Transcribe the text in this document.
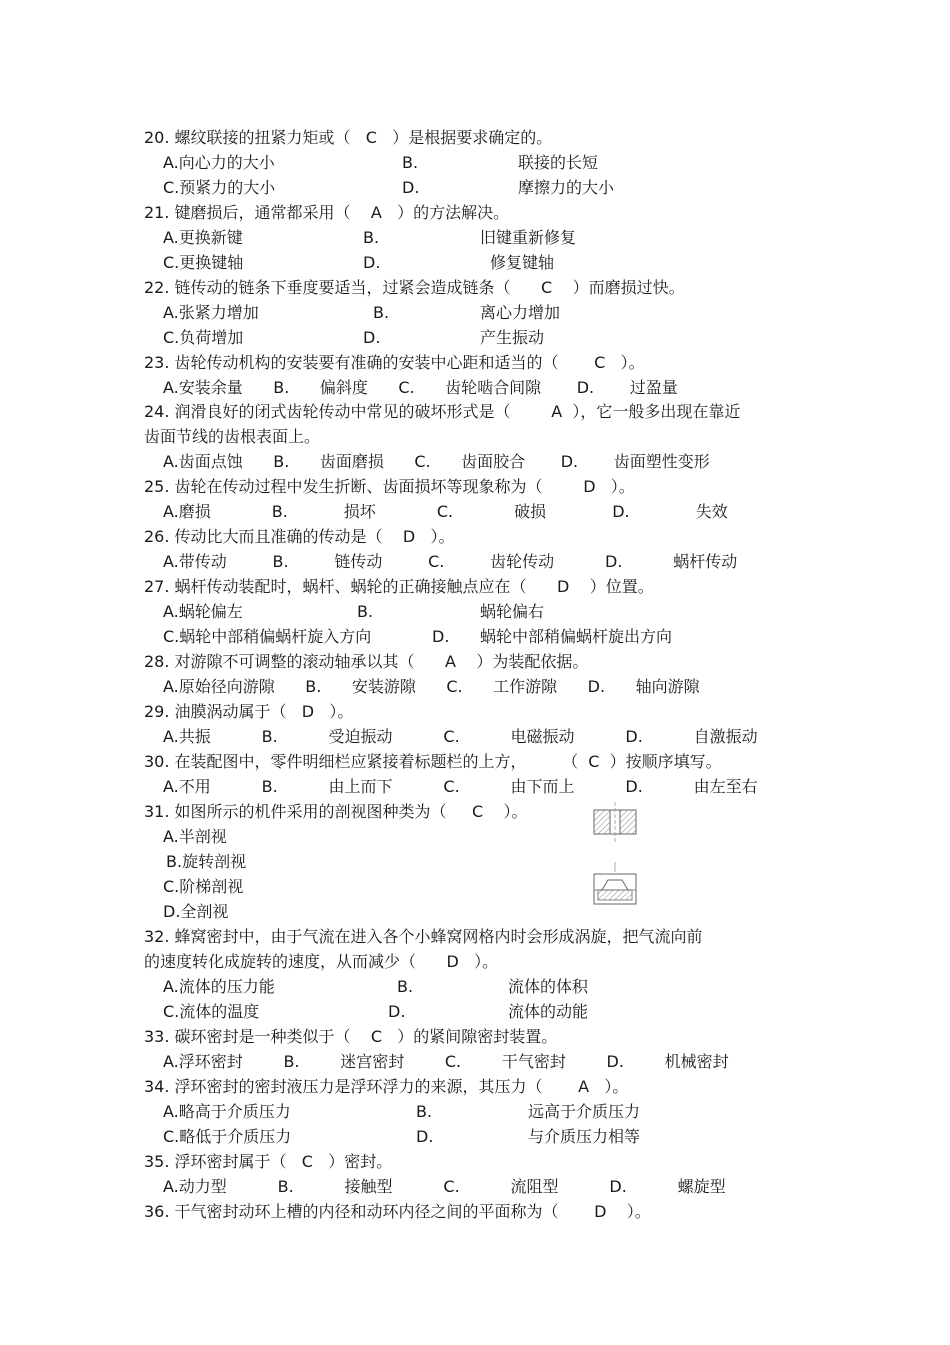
20. 螺纹联接的扭紧力矩或（   C   ）是根据要求确定的。
A.向心力的大小	B.	联接的长短
C.预紧力的大小	D.	摩擦力的大小
21. 键磨损后，通常都采用（    A   ）的方法解决。
A.更换新键	B.	旧键重新修复
C.更换键轴	D.	修复键轴
22. 链传动的链条下垂度要适当，过紧会造成链条（      C    ）而磨损过快。
A.张紧力增加	B.	离心力增加
C.负荷增加	D.	产生振动
23. 齿轮传动机构的安装要有准确的安装中心距和适当的（       C   ）。
A.安装余量      B.      偏斜度      C.      齿轮啮合间隙       D.       过盈量
24. 润滑良好的闭式齿轮传动中常见的破坏形式是（        A  ），它一般多出现在靠近
齿面节线的齿根表面上。
A.齿面点蚀      B.      齿面磨损      C.      齿面胶合       D.       齿面塑性变形
25. 齿轮在传动过程中发生折断、齿面损坏等现象称为（        D   ）。
A.磨损            B.           损坏            C.            破损             D.             失效
26. 传动比大而且准确的传动是（    D   ）。
A.带传动         B.         链传动         C.         齿轮传动          D.          蜗杆传动
27. 蜗杆传动装配时，蜗杆、蜗轮的正确接触点应在（      D    ）位置。
A.蜗轮偏左	B.	蜗轮偏右
C.蜗轮中部稍偏蜗杆旋入方向	D. 蜗轮中部稍偏蜗杆旋出方向
28. 对游隙不可调整的滚动轴承以其（      A    ）为装配依据。
A.原始径向游隙      B.      安装游隙      C.      工作游隙      D.      轴向游隙
29. 油膜涡动属于（   D   ）。
A.共振          B.          受迫振动          C.          电磁振动          D.          自激振动
30. 在装配图中，零件明细栏应紧接着标题栏的上方，       （  C  ）按顺序填写。
A.不用          B.          由上而下          C.          由下而上          D.          由左至右
31. 如图所示的机件采用的剖视图种类为（     C    ）。
A.半剖视
B.旋转剖视
C.阶梯剖视
D.全剖视
32. 蜂窝密封中，由于气流在进入各个小蜂窝网格内时会形成涡旋，把气流向前
的速度转化成旋转的速度，从而减少（      D   ）。
A.流体的压力能	B.	流体的体积
C.流体的温度	D.	流体的动能
33. 碳环密封是一种类似于（    C   ）的紧间隙密封装置。
A.浮环密封        B.        迷宫密封        C.        干气密封        D.        机械密封
34. 浮环密封的密封液压力是浮环浮力的来源，其压力（       A   ）。
A.略高于介质压力	B.	远高于介质压力
C.略低于介质压力	D.	与介质压力相等
35. 浮环密封属于（   C   ）密封。
A.动力型          B.          接触型          C.          流阻型          D.          螺旋型
36. 干气密封动环上槽的内径和动环内径之间的平面称为（       D    ）。
